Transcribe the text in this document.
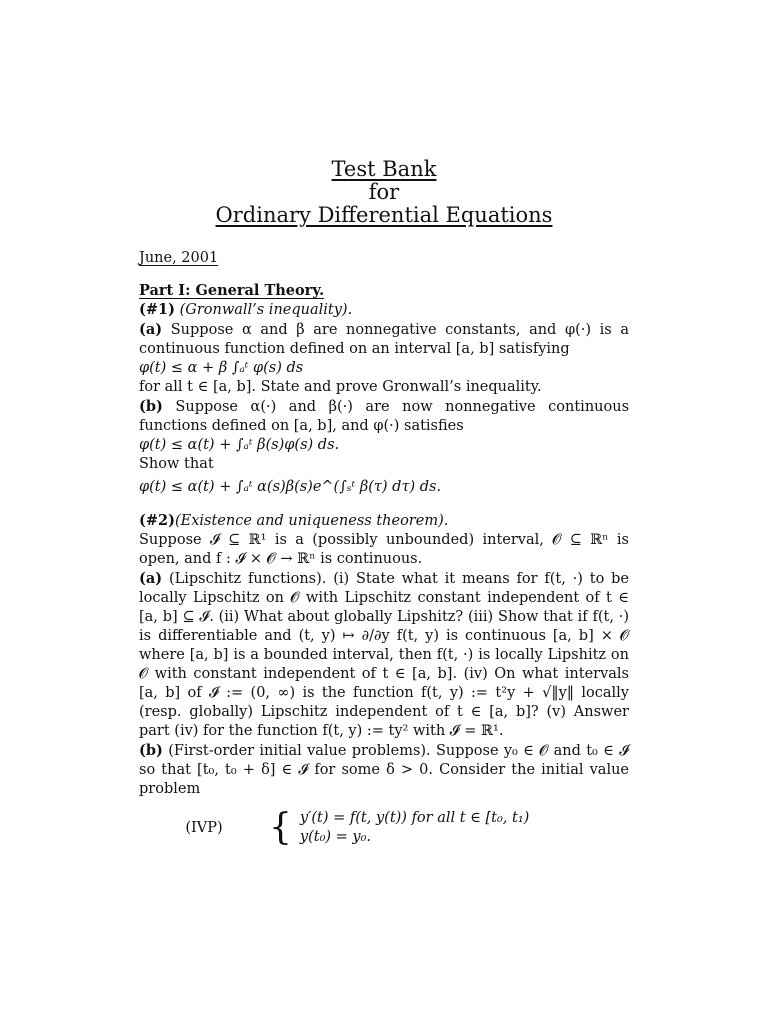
Test Bank
for
Ordinary Differential Equations
June, 2001

Part I: General Theory.

(#1) (Gronwall’s inequality).

(a) Suppose α and β are nonnegative constants, and φ(·) is a continuous function defined on an interval [a, b] satisfying

φ(t) ≤ α + β ∫ₐᵗ φ(s) ds

for all t ∈ [a, b]. State and prove Gronwall’s inequality.

(b) Suppose α(·) and β(·) are now nonnegative continuous functions defined on [a, b], and φ(·) satisfies

φ(t) ≤ α(t) + ∫ₐᵗ β(s)φ(s) ds.

Show that

φ(t) ≤ α(t) + ∫ₐᵗ α(s)β(s)e^(∫ₛᵗ β(τ) dτ) ds.

(#2)(Existence and uniqueness theorem).

Suppose 𝓘 ⊆ ℝ¹ is a (possibly unbounded) interval, 𝓞 ⊆ ℝⁿ is open, and f : 𝓘 × 𝓞 → ℝⁿ is continuous.

(a) (Lipschitz functions). (i) State what it means for f(t, ·) to be locally Lipschitz on 𝓞 with Lipschitz constant independent of t ∈ [a, b] ⊆ 𝓘. (ii) What about globally Lipshitz? (iii) Show that if f(t, ·) is differentiable and (t, y) ↦ ∂/∂y f(t, y) is continuous [a, b] × 𝓞 where [a, b] is a bounded interval, then f(t, ·) is locally Lipshitz on 𝓞 with constant independent of t ∈ [a, b]. (iv) On what intervals [a, b] of 𝓘 := (0, ∞) is the function f(t, y) := t²y + √‖y‖ locally (resp. globally) Lipschitz independent of t ∈ [a, b]? (v) Answer part (iv) for the function f(t, y) := ty² with 𝓘 = ℝ¹.

(b) (First-order initial value problems). Suppose y₀ ∈ 𝓞 and t₀ ∈ 𝓘 so that [t₀, t₀ + δ] ∈ 𝓘 for some δ > 0. Consider the initial value problem

(IVP)	{ y′(t) = f(t, y(t)) for all t ∈ [t₀, t₁)
y(t₀) = y₀.
